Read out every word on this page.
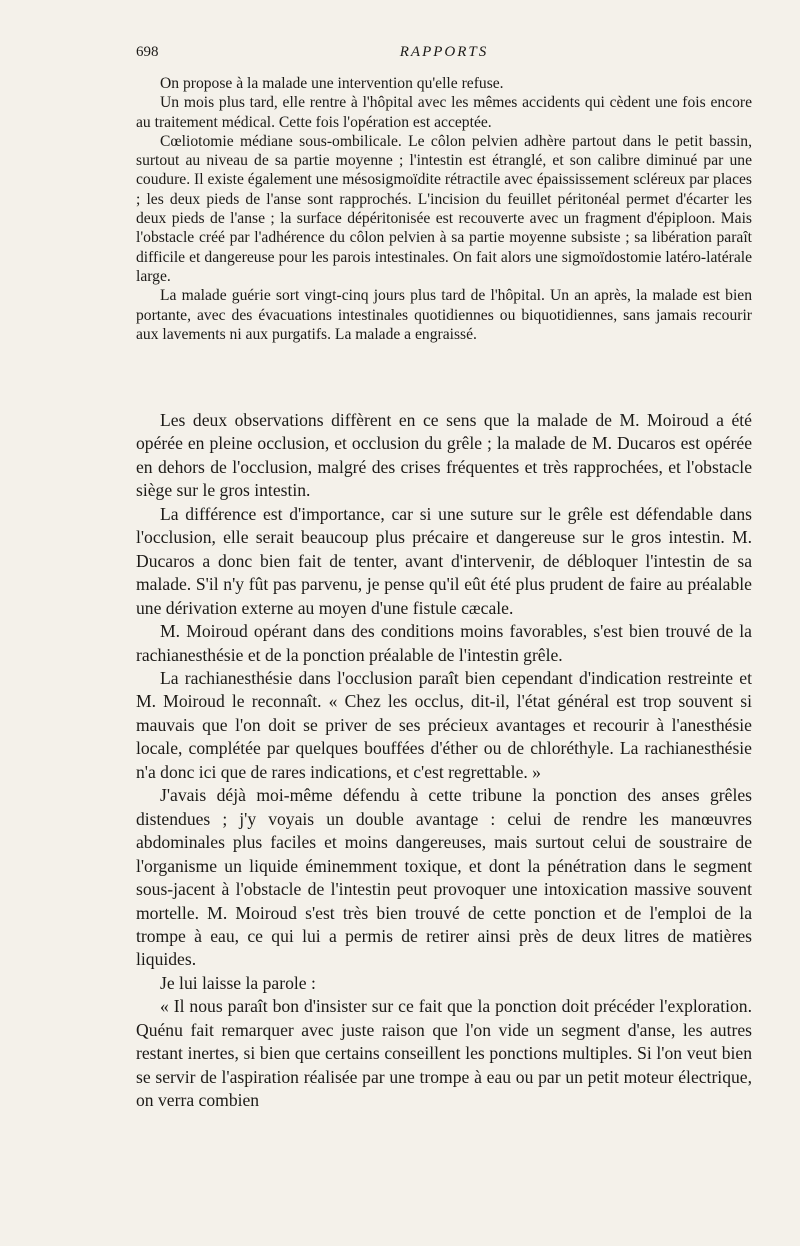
698	RAPPORTS

On propose à la malade une intervention qu'elle refuse.

Un mois plus tard, elle rentre à l'hôpital avec les mêmes accidents qui cèdent une fois encore au traitement médical. Cette fois l'opération est acceptée.

Cœliotomie médiane sous-ombilicale. Le côlon pelvien adhère partout dans le petit bassin, surtout au niveau de sa partie moyenne ; l'intestin est étranglé, et son calibre diminué par une coudure. Il existe également une mésosigmoïdite rétractile avec épaississement scléreux par places ; les deux pieds de l'anse sont rapprochés. L'incision du feuillet péritonéal permet d'écarter les deux pieds de l'anse ; la surface dépéritonisée est recouverte avec un fragment d'épiploon. Mais l'obstacle créé par l'adhérence du côlon pelvien à sa partie moyenne subsiste ; sa libération paraît difficile et dangereuse pour les parois intestinales. On fait alors une sigmoïdostomie latéro-latérale large.

La malade guérie sort vingt-cinq jours plus tard de l'hôpital. Un an après, la malade est bien portante, avec des évacuations intestinales quotidiennes ou biquotidiennes, sans jamais recourir aux lavements ni aux purgatifs. La malade a engraissé.

Les deux observations diffèrent en ce sens que la malade de M. Moiroud a été opérée en pleine occlusion, et occlusion du grêle ; la malade de M. Ducaros est opérée en dehors de l'occlusion, malgré des crises fréquentes et très rapprochées, et l'obstacle siège sur le gros intestin.

La différence est d'importance, car si une suture sur le grêle est défendable dans l'occlusion, elle serait beaucoup plus précaire et dangereuse sur le gros intestin. M. Ducaros a donc bien fait de tenter, avant d'intervenir, de débloquer l'intestin de sa malade. S'il n'y fût pas parvenu, je pense qu'il eût été plus prudent de faire au préalable une dérivation externe au moyen d'une fistule cæcale.

M. Moiroud opérant dans des conditions moins favorables, s'est bien trouvé de la rachianesthésie et de la ponction préalable de l'intestin grêle.

La rachianesthésie dans l'occlusion paraît bien cependant d'indication restreinte et M. Moiroud le reconnaît. « Chez les occlus, dit-il, l'état général est trop souvent si mauvais que l'on doit se priver de ses précieux avantages et recourir à l'anesthésie locale, complétée par quelques bouffées d'éther ou de chloréthyle. La rachianesthésie n'a donc ici que de rares indications, et c'est regrettable. »

J'avais déjà moi-même défendu à cette tribune la ponction des anses grêles distendues ; j'y voyais un double avantage : celui de rendre les manœuvres abdominales plus faciles et moins dangereuses, mais surtout celui de soustraire de l'organisme un liquide éminemment toxique, et dont la pénétration dans le segment sous-jacent à l'obstacle de l'intestin peut provoquer une intoxication massive souvent mortelle. M. Moiroud s'est très bien trouvé de cette ponction et de l'emploi de la trompe à eau, ce qui lui a permis de retirer ainsi près de deux litres de matières liquides.

Je lui laisse la parole :

« Il nous paraît bon d'insister sur ce fait que la ponction doit précéder l'exploration. Quénu fait remarquer avec juste raison que l'on vide un segment d'anse, les autres restant inertes, si bien que certains conseillent les ponctions multiples. Si l'on veut bien se servir de l'aspiration réalisée par une trompe à eau ou par un petit moteur électrique, on verra combien
